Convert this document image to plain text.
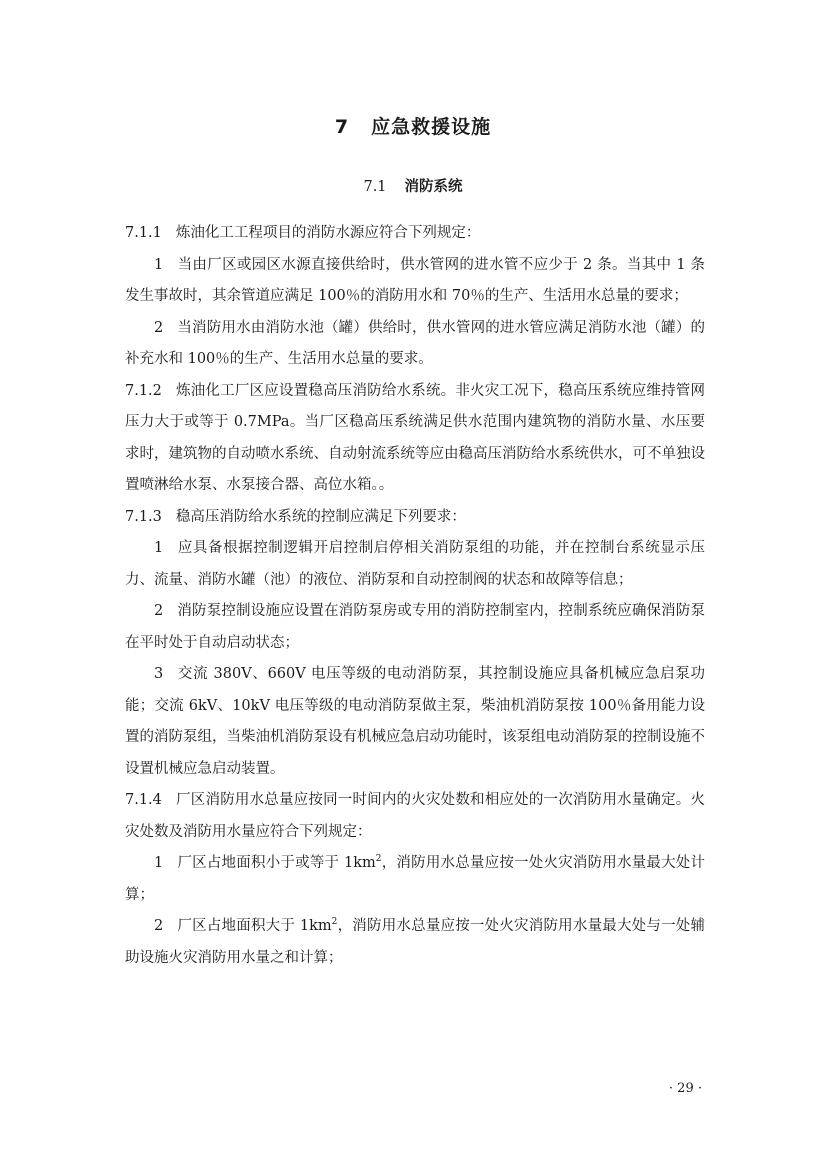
7 应急救援设施
7.1 消防系统

7.1.1 炼油化工工程项目的消防水源应符合下列规定：

1 当由厂区或园区水源直接供给时，供水管网的进水管不应少于 2 条。当其中 1 条发生事故时，其余管道应满足 100％的消防用水和 70％的生产、生活用水总量的要求；

2 当消防用水由消防水池（罐）供给时，供水管网的进水管应满足消防水池（罐）的补充水和 100％的生产、生活用水总量的要求。

7.1.2 炼油化工厂区应设置稳高压消防给水系统。非火灾工况下，稳高压系统应维持管网压力大于或等于 0.7MPa。当厂区稳高压系统满足供水范围内建筑物的消防水量、水压要求时，建筑物的自动喷水系统、自动射流系统等应由稳高压消防给水系统供水，可不单独设置喷淋给水泵、水泵接合器、高位水箱。。

7.1.3 稳高压消防给水系统的控制应满足下列要求：

1 应具备根据控制逻辑开启控制启停相关消防泵组的功能，并在控制台系统显示压力、流量、消防水罐（池）的液位、消防泵和自动控制阀的状态和故障等信息；

2 消防泵控制设施应设置在消防泵房或专用的消防控制室内，控制系统应确保消防泵在平时处于自动启动状态；

3 交流 380V、660V 电压等级的电动消防泵，其控制设施应具备机械应急启泵功能；交流 6kV、10kV 电压等级的电动消防泵做主泵，柴油机消防泵按 100％备用能力设置的消防泵组，当柴油机消防泵设有机械应急启动功能时，该泵组电动消防泵的控制设施不设置机械应急启动装置。

7.1.4 厂区消防用水总量应按同一时间内的火灾处数和相应处的一次消防用水量确定。火灾处数及消防用水量应符合下列规定：

1 厂区占地面积小于或等于 $1km^2$，消防用水总量应按一处火灾消防用水量最大处计算；

2 厂区占地面积大于 $1km^2$，消防用水总量应按一处火灾消防用水量最大处与一处辅助设施火灾消防用水量之和计算；

· 29 ·
